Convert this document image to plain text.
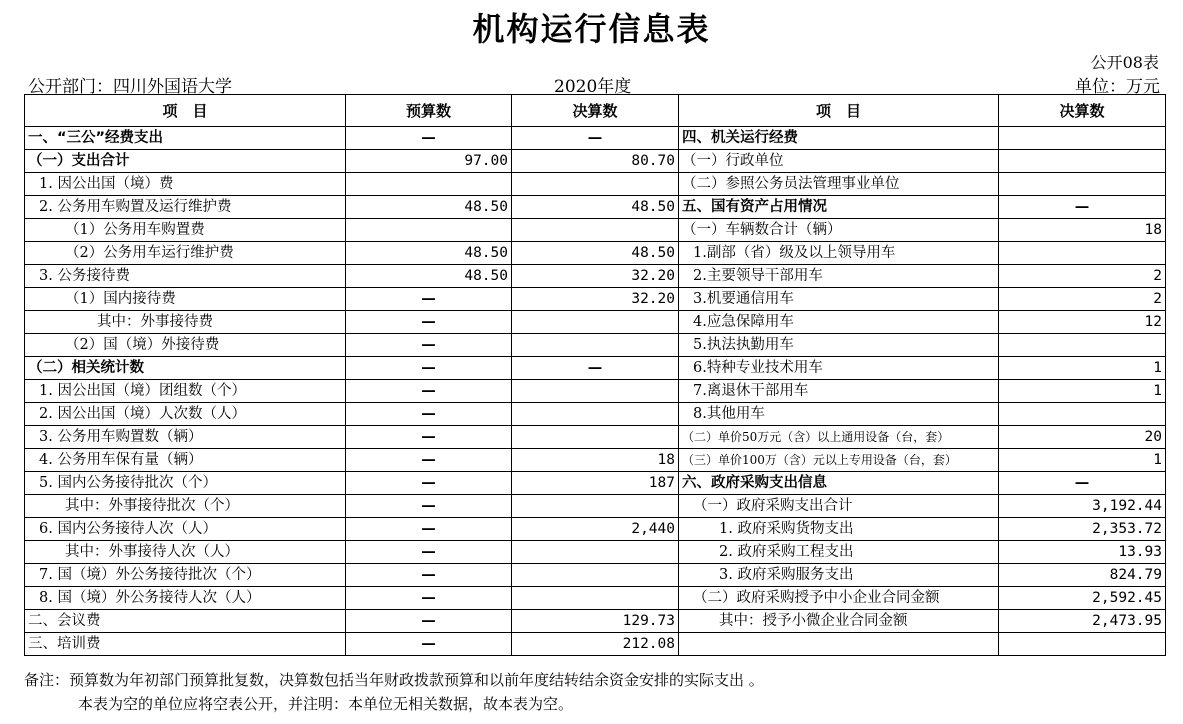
机构运行信息表
公开08表
公开部门：四川外国语大学	2020年度	单位：万元
项　目	预算数	决算数	项　目	决算数
一、“三公”经费支出	—	—	四、机关运行经费	
（一）支出合计	97.00	80.70	（一）行政单位	
1. 因公出国（境）费			（二）参照公务员法管理事业单位	
2. 公务用车购置及运行维护费	48.50	48.50	五、国有资产占用情况	—
（1）公务用车购置费			（一）车辆数合计（辆）	18
（2）公务用车运行维护费	48.50	48.50	1.副部（省）级及以上领导用车	
3. 公务接待费	48.50	32.20	2.主要领导干部用车	2
（1）国内接待费	—	32.20	3.机要通信用车	2
其中：外事接待费	—		4.应急保障用车	12
（2）国（境）外接待费	—		5.执法执勤用车	
（二）相关统计数	—	—	6.特种专业技术用车	1
1. 因公出国（境）团组数（个）	—		7.离退休干部用车	1
2. 因公出国（境）人次数（人）	—		8.其他用车	
3. 公务用车购置数（辆）	—		（二）单价50万元（含）以上通用设备（台，套）	20
4. 公务用车保有量（辆）	—	18	（三）单价100万（含）元以上专用设备（台，套）	1
5. 国内公务接待批次（个）	—	187	六、政府采购支出信息	—
其中：外事接待批次（个）	—		（一）政府采购支出合计	3,192.44
6. 国内公务接待人次（人）	—	2,440	1. 政府采购货物支出	2,353.72
其中：外事接待人次（人）	—		2. 政府采购工程支出	13.93
7. 国（境）外公务接待批次（个）	—		3. 政府采购服务支出	824.79
8. 国（境）外公务接待人次（人）	—		（二）政府采购授予中小企业合同金额	2,592.45
二、会议费	—	129.73	其中：授予小微企业合同金额	2,473.95
三、培训费	—	212.08		
备注：预算数为年初部门预算批复数，决算数包括当年财政拨款预算和以前年度结转结余资金安排的实际支出 。
本表为空的单位应将空表公开，并注明：本单位无相关数据，故本表为空。
